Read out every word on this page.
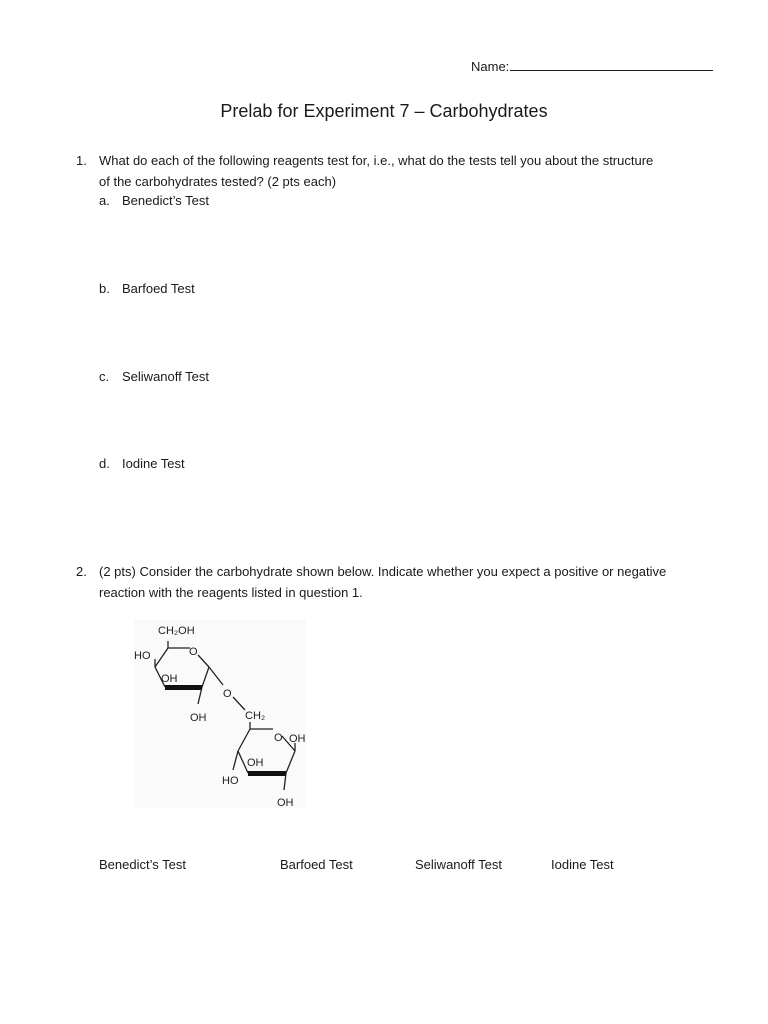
Name:
Prelab for Experiment 7 – Carbohydrates
1. What do each of the following reagents test for, i.e., what do the tests tell you about the structure
of the carbohydrates tested? (2 pts each)
a. Benedict’s Test
b. Barfoed Test
c. Seliwanoff Test
d. Iodine Test
2. (2 pts) Consider the carbohydrate shown below. Indicate whether you expect a positive or negative
reaction with the reagents listed in question 1.
CH₂OH
HO	O
OH
OH
O
CH₂
O OH
OH
HO
OH
Benedict’s Test	Barfoed Test	Seliwanoff Test	Iodine Test
